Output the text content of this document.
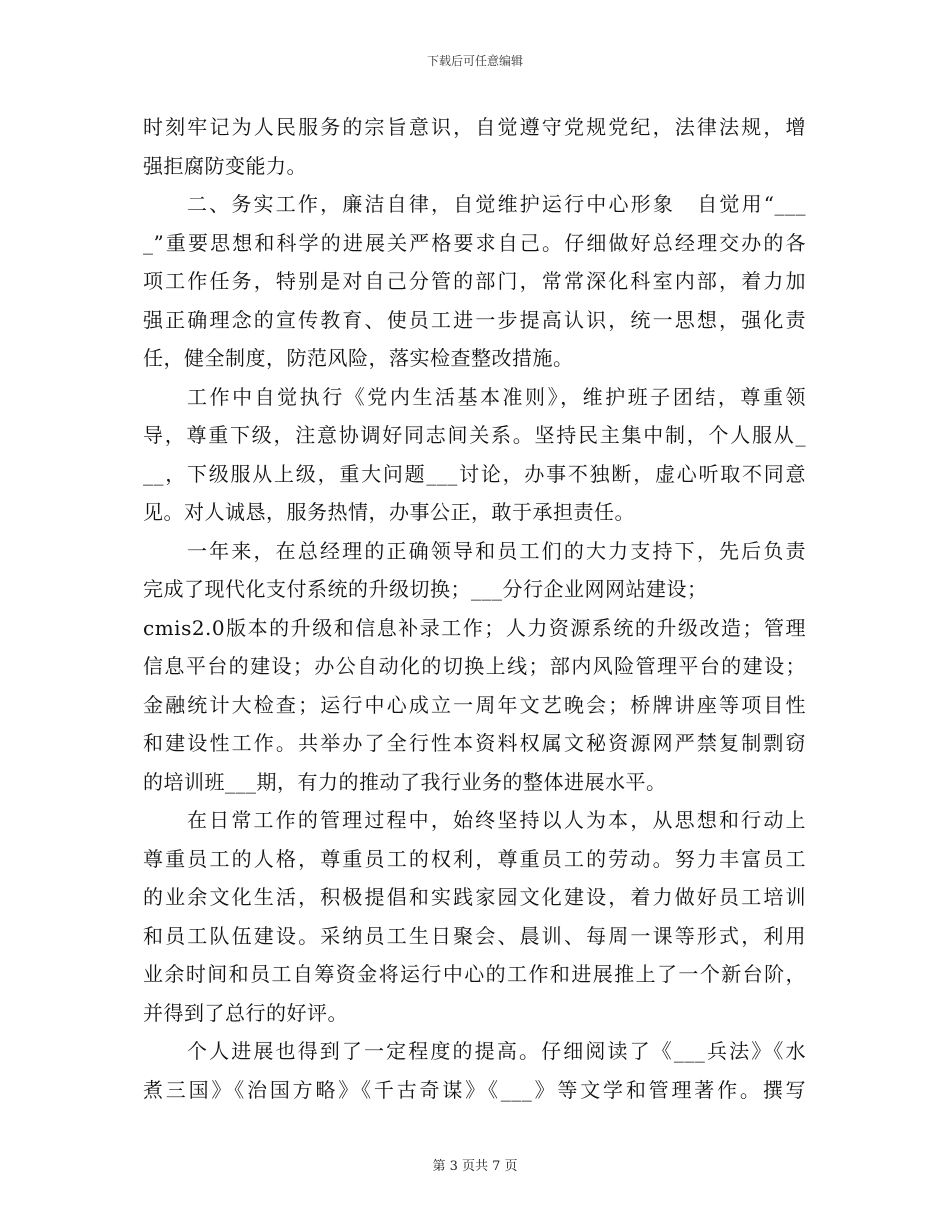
下载后可任意编辑
时刻牢记为人民服务的宗旨意识，自觉遵守党规党纪，法律法规，增
强拒腐防变能力。
二、务实工作，廉洁自律，自觉维护运行中心形象　自觉用“___
_”重要思想和科学的进展关严格要求自己。仔细做好总经理交办的各
项工作任务，特别是对自己分管的部门，常常深化科室内部，着力加
强正确理念的宣传教育、使员工进一步提高认识，统一思想，强化责
任，健全制度，防范风险，落实检查整改措施。
工作中自觉执行《党内生活基本准则》，维护班子团结，尊重领
导，尊重下级，注意协调好同志间关系。坚持民主集中制，个人服从_
__，下级服从上级，重大问题___讨论，办事不独断，虚心听取不同意
见。对人诚恳，服务热情，办事公正，敢于承担责任。
一年来，在总经理的正确领导和员工们的大力支持下，先后负责
完成了现代化支付系统的升级切换；___分行企业网网站建设；
cmis2.0版本的升级和信息补录工作；人力资源系统的升级改造；管理
信息平台的建设；办公自动化的切换上线；部内风险管理平台的建设；
金融统计大检查；运行中心成立一周年文艺晚会；桥牌讲座等项目性
和建设性工作。共举办了全行性本资料权属文秘资源网严禁复制剽窃
的培训班___期，有力的推动了我行业务的整体进展水平。
在日常工作的管理过程中，始终坚持以人为本，从思想和行动上
尊重员工的人格，尊重员工的权利，尊重员工的劳动。努力丰富员工
的业余文化生活，积极提倡和实践家园文化建设，着力做好员工培训
和员工队伍建设。采纳员工生日聚会、晨训、每周一课等形式，利用
业余时间和员工自筹资金将运行中心的工作和进展推上了一个新台阶，
并得到了总行的好评。
个人进展也得到了一定程度的提高。仔细阅读了《___兵法》《水
煮三国》《治国方略》《千古奇谋》《___》等文学和管理著作。撰写
第 3 页共 7 页
